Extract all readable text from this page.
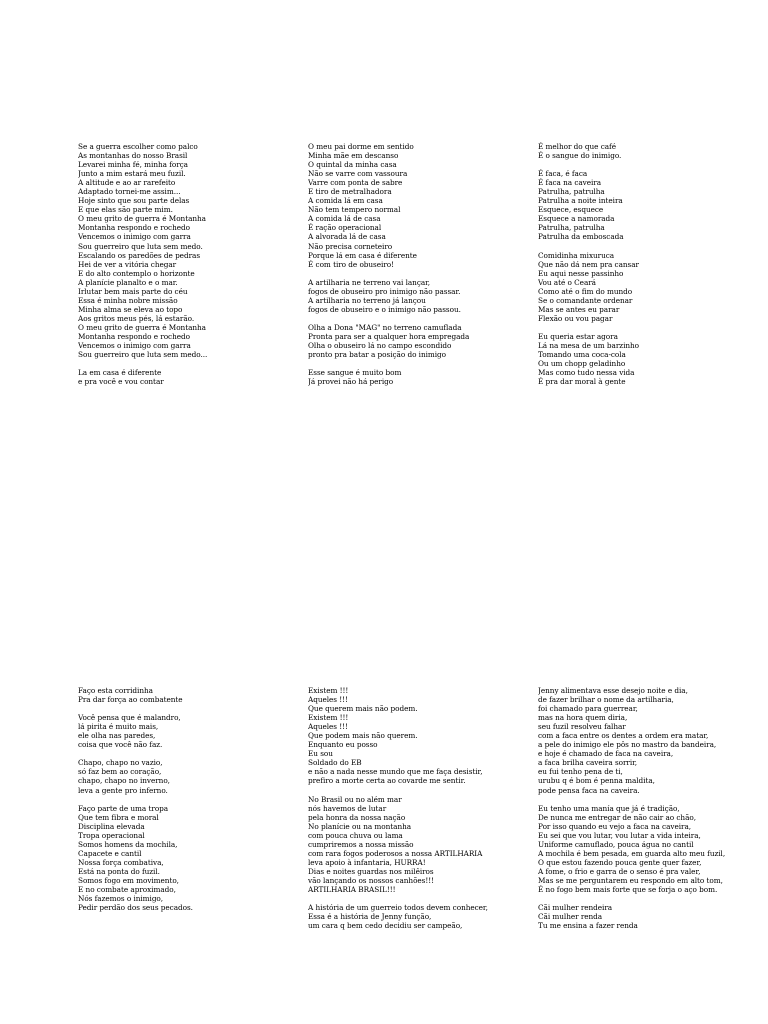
Se a guerra escolher como palco
As montanhas do nosso Brasil
Levarei minha fé, minha força
Junto a mim estará meu fuzil.
A altitude e ao ar rarefeito
Adaptado tornei-me assim...
Hoje sinto que sou parte delas
E que elas são parte mim.
O meu grito de guerra é Montanha
Montanha respondo e rochedo
Vencemos o inimigo com garra
Sou guerreiro que luta sem medo.
Escalando os paredões de pedras
Hei de ver a vitória chegar
E do alto contemplo o horizonte
A planície planalto e o mar.
Irlutar bem mais parte do céu
Essa é minha nobre missão
Minha alma se eleva ao topo
Aos gritos meus pés, lá estarão.
O meu grito de guerra é Montanha
Montanha respondo e rochedo
Vencemos o inimigo com garra
Sou guerreiro que luta sem medo...
La em casa é diferente
e pra você e vou contar
O meu pai dorme em sentido
Minha mãe em descanso
O quintal da minha casa
Não se varre com vassoura
Varre com ponta de sabre
E tiro de metralhadora
A comida lá em casa
Não tem tempero normal
A comida lá de casa
É ração operacional
A alvorada lá de casa
Não precisa corneteiro
Porque lá em casa é diferente
É com tiro de obuseiro!
A artilharia ne terreno vai lançar,
fogos de obuseiro pro inimigo não passar.
A artilharia no terreno já lançou
fogos de obuseiro e o inimigo não passou.
Olha a Dona "MAG" no terreno camuflada
Pronta para ser a qualquer hora empregada
Olha o obuseiro lá no campo escondido
pronto pra batar a posição do inimigo
Esse sangue é muito bom
Já provei não há perigo
É melhor do que café
É o sangue do inimigo.
É faca, é faca
É faca na caveira
Patrulha, patrulha
Patrulha a noite inteira
Esquece, esquece
Esquece a namorada
Patrulha, patrulha
Patrulha da emboscada
Comidinha mixuruca
Que não dá nem pra cansar
Eu aqui nesse passinho
Vou até o Ceará
Como até o fim do mundo
Se o comandante ordenar
Mas se antes eu parar
Flexão ou vou pagar
Eu queria estar agora
Lá na mesa de um barzinho
Tomando uma coca-cola
Ou um chopp geladinho
Mas como tudo nessa vida
É pra dar moral à gente
Faço esta corridinha
Pra dar força ao combatente
Você pensa que é malandro,
lá pirita é muito mais,
ele olha nas paredes,
coisa que você não faz.
Chapo, chapo no vazio,
só faz bem ao coração,
chapo, chapo no inverno,
leva a gente pro inferno.
Faço parte de uma tropa
Que tem fibra e moral
Disciplina elevada
Tropa operacional
Somos homens da mochila,
Capacete e cantil
Nossa força combativa,
Está na ponta do fuzil.
Somos fogo em movimento,
E no combate aproximado,
Nós fazemos o inimigo,
Pedir perdão dos seus pecados.
Existem !!!
Aqueles !!!
Que querem mais não podem.
Existem !!!
Aqueles !!!
Que podem mais não querem.
Enquanto eu posso
Eu sou
Soldado do EB
e não a nada nesse mundo que me faça desistir,
prefiro a morte certa ao covarde me sentir.
No Brasil ou no além mar
nós havemos de lutar
pela honra da nossa nação
No planície ou na montanha
com pouca chuva ou lama
cumpriremos a nossa missão
com rara fogos poderosos a nossa ARTILHARIA
leva apoio à infantaria, HURRA!
Dias e noites guardas nos milêiros
vão lançando os nossos canhões!!!
ARTILHARIA BRASIL!!!
A história de um guerreio todos devem conhecer,
Essa é a história de Jenny função,
um cara q bem cedo decidiu ser campeão,
Jenny alimentava esse desejo noite e dia,
de fazer brilhar o nome da artilharia,
foi chamado para guerrear,
mas na hora quem diria,
seu fuzil resolveu falhar
com a faca entre os dentes a ordem era matar,
a pele do inimigo ele pôs no mastro da bandeira,
e hoje é chamado de faca na caveira,
a faca brilha caveira sorrir,
eu fui tenho pena de ti,
urubu q é bom é penna maldita,
pode pensa faca na caveira.
Eu tenho uma manía que já é tradição,
De nunca me entregar de não cair ao chão,
Por isso quando eu vejo a faca na caveira,
Eu sei que vou lutar, vou lutar a vida inteira,
Uniforme camuflado, pouca água no cantil
A mochila é bem pesada, em guarda alto meu fuzil,
O que estou fazendo pouca gente quer fazer,
A fome, o frio e garra de o senso é pra valer,
Mas se me perguntarem eu respondo em alto tom,
É no fogo bem mais forte que se forja o aço bom.
Cãi mulher rendeira
Cãi mulher renda
Tu me ensina a fazer renda
